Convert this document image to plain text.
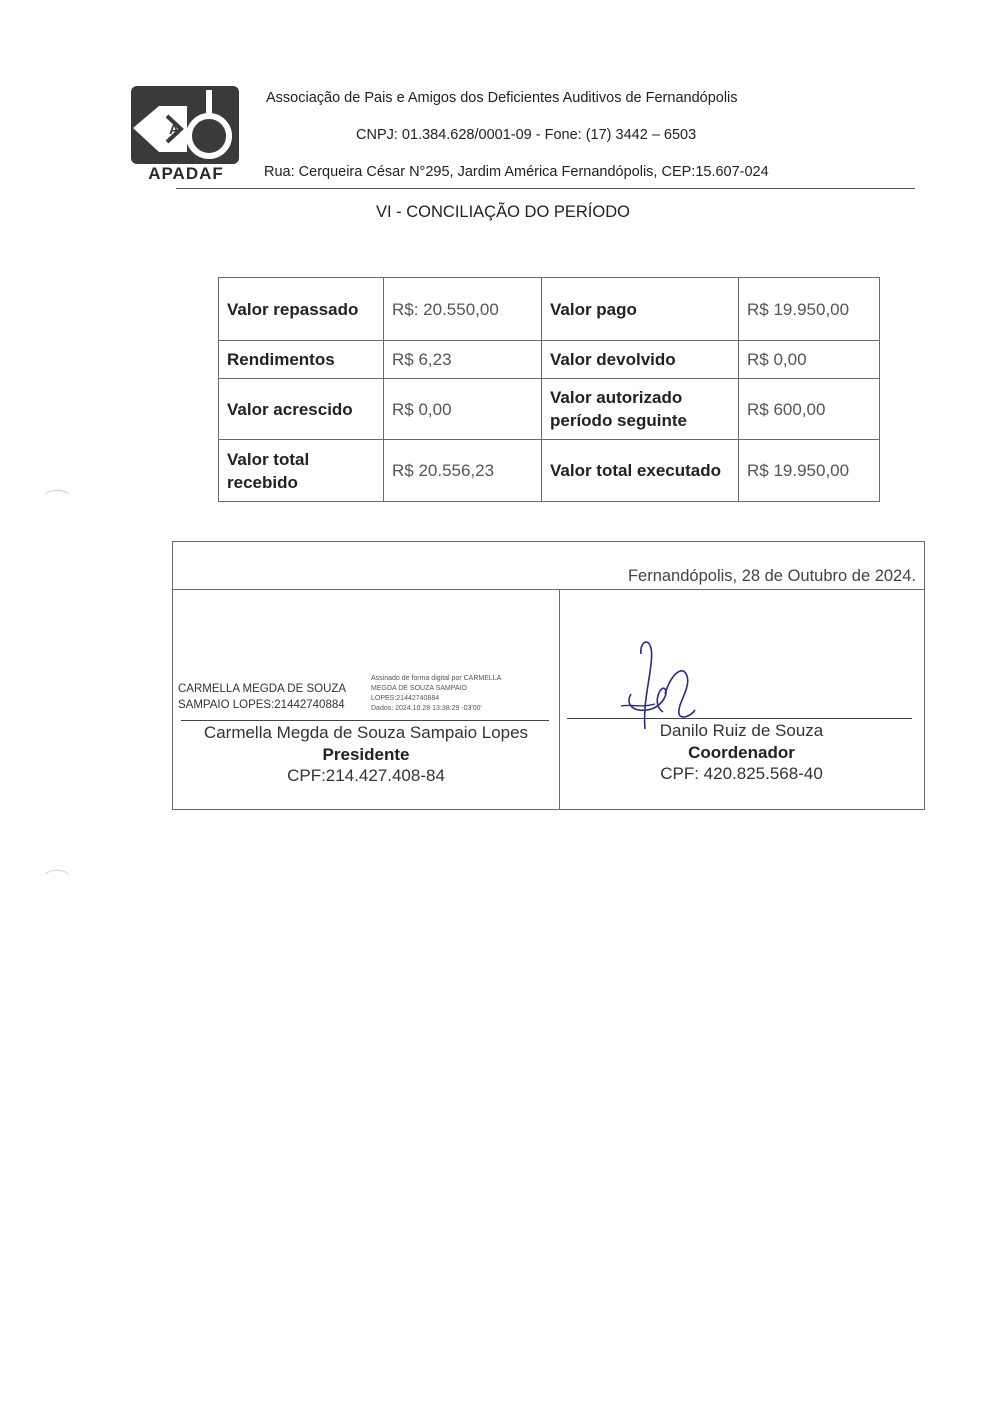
A
APADAF
Associação de Pais e Amigos dos Deficientes Auditivos de Fernandópolis
CNPJ: 01.384.628/0001-09 - Fone: (17) 3442 – 6503
Rua: Cerqueira César N°295, Jardim América Fernandópolis, CEP:15.607-024
VI - CONCILIAÇÃO DO PERÍODO
Valor repassado	R$: 20.550,00	Valor pago	R$ 19.950,00
Rendimentos	R$ 6,23	Valor devolvido	R$ 0,00
Valor acrescido	R$ 0,00	Valor autorizado período seguinte	R$ 600,00
Valor total recebido	R$ 20.556,23	Valor total executado	R$ 19.950,00
Fernandópolis, 28 de Outubro de 2024.
CARMELLA MEGDA DE SOUZA
SAMPAIO LOPES:21442740884
Assinado de forma digital por CARMELLA
MEGDA DE SOUZA SAMPAIO
LOPES:21442740884
Dados: 2024.10.28 13:38:29 -03'00'
Carmella Megda de Souza Sampaio Lopes
Presidente
CPF:214.427.408-84
Danilo Ruiz de Souza
Coordenador
CPF: 420.825.568-40
